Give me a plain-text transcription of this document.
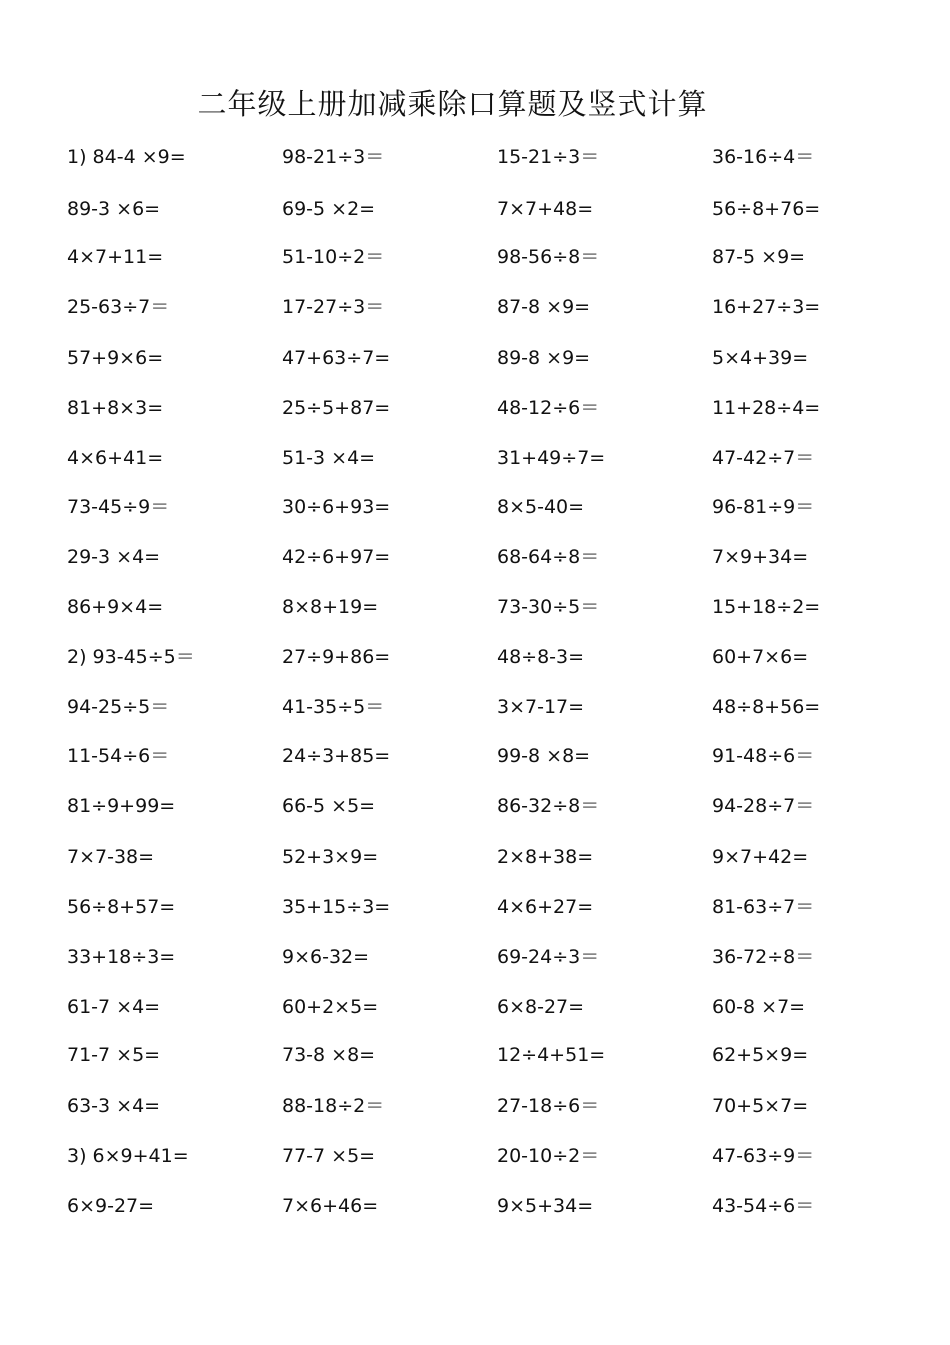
二年级上册加减乘除口算题及竖式计算
1) 84-4 ×9=	98-21÷3＝	15-21÷3＝	36-16÷4＝
89-3 ×6=	69-5 ×2=	7×7+48=	56÷8+76=
4×7+11=	51-10÷2＝	98-56÷8＝	87-5 ×9=
25-63÷7＝	17-27÷3＝	87-8 ×9=	16+27÷3=
57+9×6=	47+63÷7=	89-8 ×9=	5×4+39=
81+8×3=	25÷5+87=	48-12÷6＝	11+28÷4=
4×6+41=	51-3 ×4=	31+49÷7=	47-42÷7＝
73-45÷9＝	30÷6+93=	8×5-40=	96-81÷9＝
29-3 ×4=	42÷6+97=	68-64÷8＝	7×9+34=
86+9×4=	8×8+19=	73-30÷5＝	15+18÷2=
2) 93-45÷5＝	27÷9+86=	48÷8-3=	60+7×6=
94-25÷5＝	41-35÷5＝	3×7-17=	48÷8+56=
11-54÷6＝	24÷3+85=	99-8 ×8=	91-48÷6＝
81÷9+99=	66-5 ×5=	86-32÷8＝	94-28÷7＝
7×7-38=	52+3×9=	2×8+38=	9×7+42=
56÷8+57=	35+15÷3=	4×6+27=	81-63÷7＝
33+18÷3=	9×6-32=	69-24÷3＝	36-72÷8＝
61-7 ×4=	60+2×5=	6×8-27=	60-8 ×7=
71-7 ×5=	73-8 ×8=	12÷4+51=	62+5×9=
63-3 ×4=	88-18÷2＝	27-18÷6＝	70+5×7=
3) 6×9+41=	77-7 ×5=	20-10÷2＝	47-63÷9＝
6×9-27=	7×6+46=	9×5+34=	43-54÷6＝
